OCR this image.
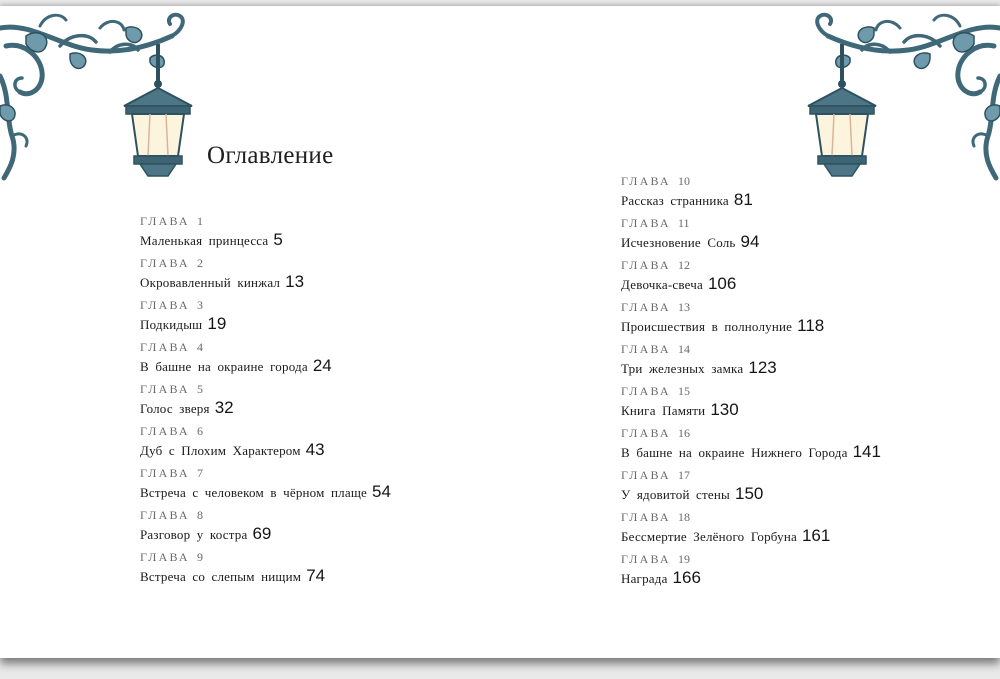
Оглавление
ГЛАВА 1
Маленькая принцесса 5
ГЛАВА 2
Окровавленный кинжал 13
ГЛАВА 3
Подкидыш 19
ГЛАВА 4
В башне на окраине города 24
ГЛАВА 5
Голос зверя 32
ГЛАВА 6
Дуб с Плохим Характером 43
ГЛАВА 7
Встреча с человеком в чёрном плаще 54
ГЛАВА 8
Разговор у костра 69
ГЛАВА 9
Встреча со слепым нищим 74
ГЛАВА 10
Рассказ странника 81
ГЛАВА 11
Исчезновение Соль 94
ГЛАВА 12
Девочка-свеча 106
ГЛАВА 13
Происшествия в полнолуние 118
ГЛАВА 14
Три железных замка 123
ГЛАВА 15
Книга Памяти 130
ГЛАВА 16
В башне на окраине Нижнего Города 141
ГЛАВА 17
У ядовитой стены 150
ГЛАВА 18
Бессмертие Зелёного Горбуна 161
ГЛАВА 19
Награда 166
